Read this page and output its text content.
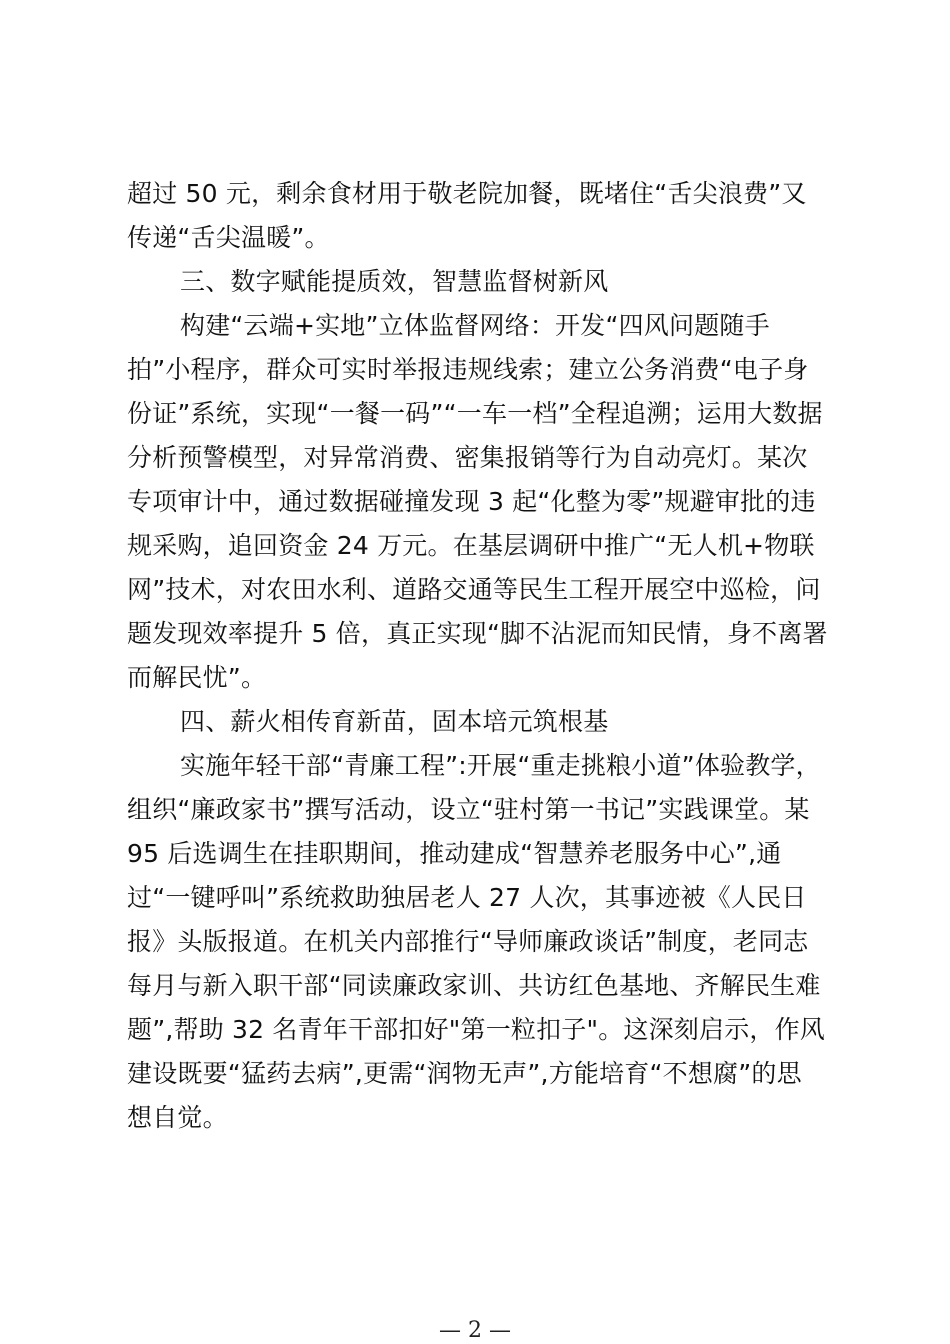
超过 50 元，剩余食材用于敬老院加餐，既堵住“舌尖浪费”又
传递“舌尖温暖”。
三、数字赋能提质效，智慧监督树新风
构建“云端+实地”立体监督网络：开发“四风问题随手
拍”小程序，群众可实时举报违规线索；建立公务消费“电子身
份证”系统，实现“一餐一码”“一车一档”全程追溯；运用大数据
分析预警模型，对异常消费、密集报销等行为自动亮灯。某次
专项审计中，通过数据碰撞发现 3 起“化整为零”规避审批的违
规采购，追回资金 24 万元。在基层调研中推广“无人机+物联
网”技术，对农田水利、道路交通等民生工程开展空中巡检，问
题发现效率提升 5 倍，真正实现“脚不沾泥而知民情，身不离署
而解民忧”。
四、薪火相传育新苗，固本培元筑根基
实施年轻干部“青廉工程”:开展“重走挑粮小道”体验教学，
组织“廉政家书”撰写活动，设立“驻村第一书记”实践课堂。某
95 后选调生在挂职期间，推动建成“智慧养老服务中心”,通
过“一键呼叫”系统救助独居老人 27 人次，其事迹被《人民日
报》头版报道。在机关内部推行“导师廉政谈话”制度，老同志
每月与新入职干部“同读廉政家训、共访红色基地、齐解民生难
题”,帮助 32 名青年干部扣好"第一粒扣子"。这深刻启示，作风
建设既要“猛药去病”,更需“润物无声”,方能培育“不想腐”的思
想自觉。
— 2 —
